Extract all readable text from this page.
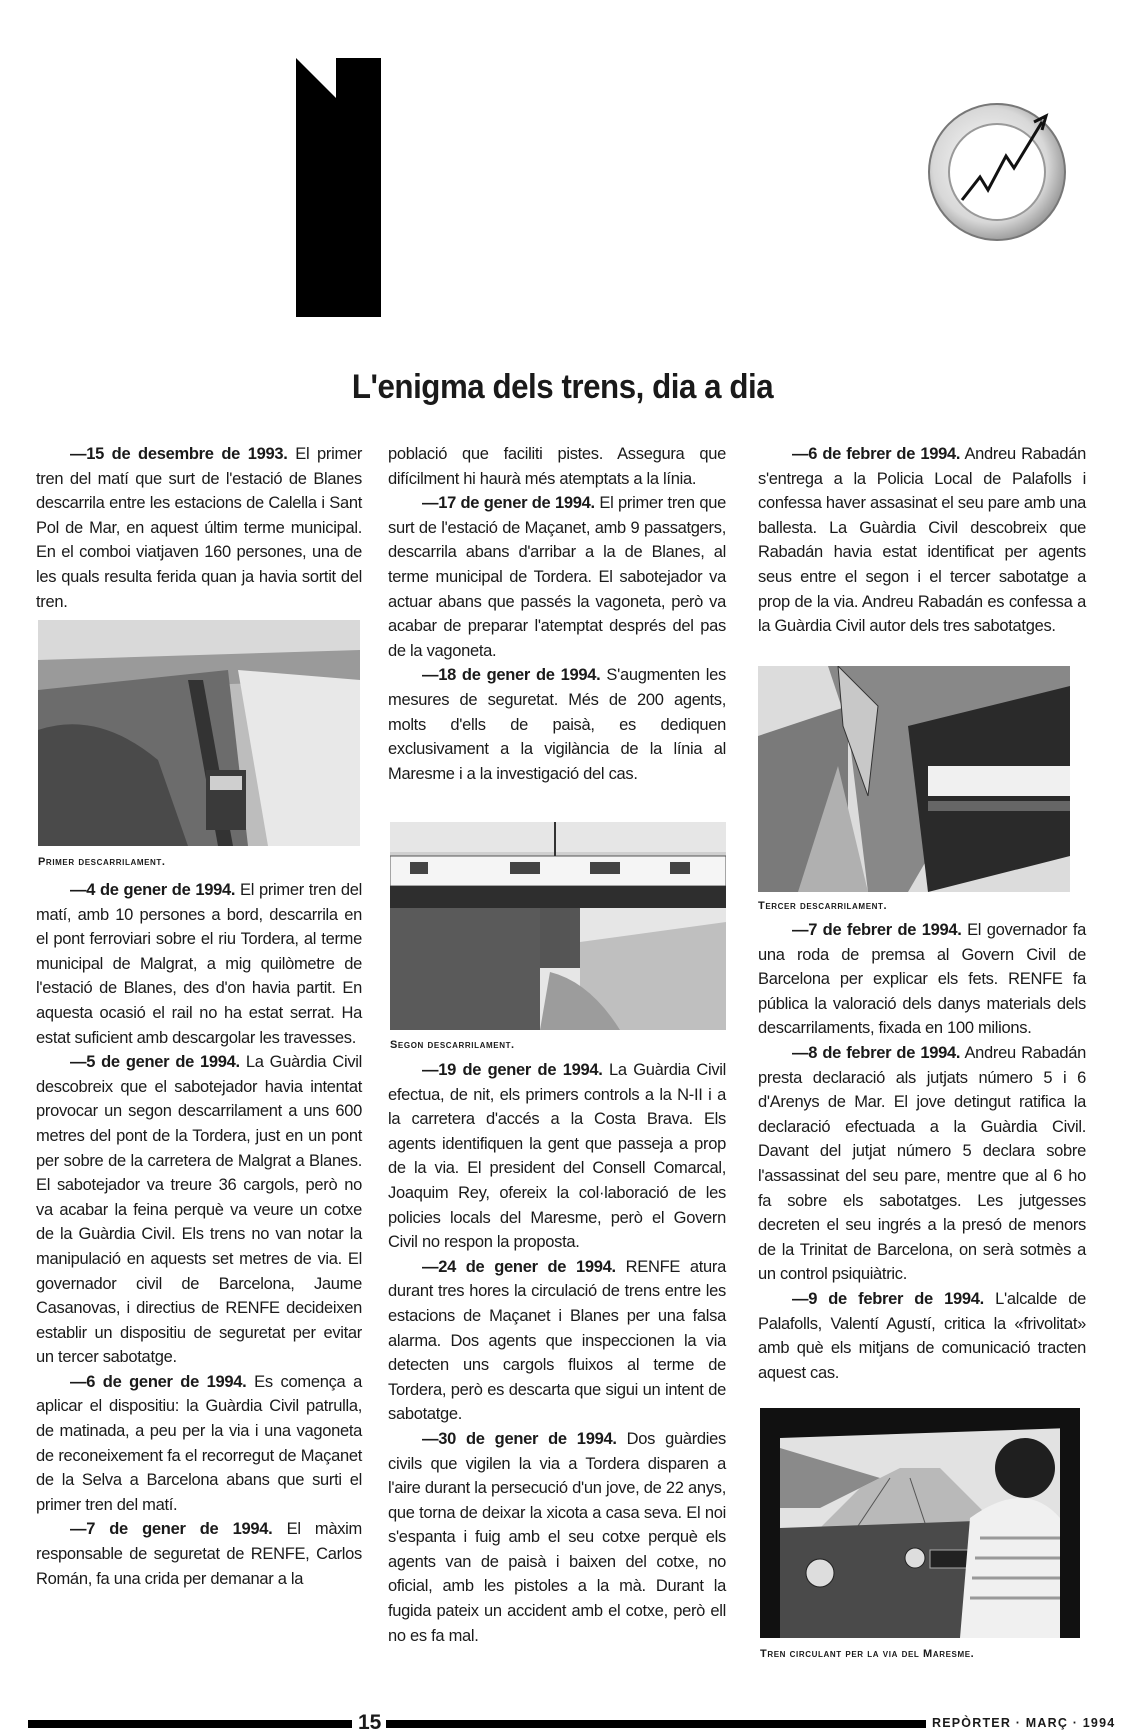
L'enigma dels trens, dia a dia

—15 de desembre de 1993. El primer tren del matí que surt de l'estació de Blanes descarrila entre les estacions de Calella i Sant Pol de Mar, en aquest últim terme municipal. En el comboi viatjaven 160 persones, una de les quals resulta ferida quan ja havia sortit del tren.

Primer descarrilament.

—4 de gener de 1994. El primer tren del matí, amb 10 persones a bord, descarrila en el pont ferroviari sobre el riu Tordera, al terme municipal de Malgrat, a mig quilòmetre de l'estació de Blanes, des d'on havia partit. En aquesta ocasió el rail no ha estat serrat. Ha estat suficient amb descargolar les travesses.

—5 de gener de 1994. La Guàrdia Civil descobreix que el sabotejador havia intentat provocar un segon descarrilament a uns 600 metres del pont de la Tordera, just en un pont per sobre de la carretera de Malgrat a Blanes. El sabotejador va treure 36 cargols, però no va acabar la feina perquè va veure un cotxe de la Guàrdia Civil. Els trens no van notar la manipulació en aquests set metres de via. El governador civil de Barcelona, Jaume Casanovas, i directius de RENFE decideixen establir un dispositiu de seguretat per evitar un tercer sabotatge.

—6 de gener de 1994. Es comença a aplicar el dispositiu: la Guàrdia Civil patrulla, de matinada, a peu per la via i una vagoneta de reconeixement fa el recorregut de Maçanet de la Selva a Barcelona abans que surti el primer tren del matí.

—7 de gener de 1994. El màxim responsable de seguretat de RENFE, Carlos Román, fa una crida per demanar a la

població que faciliti pistes. Assegura que difícilment hi haurà més atemptats a la línia.

—17 de gener de 1994. El primer tren que surt de l'estació de Maçanet, amb 9 passatgers, descarrila abans d'arribar a la de Blanes, al terme municipal de Tordera. El sabotejador va actuar abans que passés la vagoneta, però va acabar de preparar l'atemptat després del pas de la vagoneta.

—18 de gener de 1994. S'augmenten les mesures de seguretat. Més de 200 agents, molts d'ells de paisà, es dediquen exclusivament a la vigilància de la línia al Maresme i a la investigació del cas.

Segon descarrilament.

—19 de gener de 1994. La Guàrdia Civil efectua, de nit, els primers controls a la N-II i a la carretera d'accés a la Costa Brava. Els agents identifiquen la gent que passeja a prop de la via. El president del Consell Comarcal, Joaquim Rey, ofereix la col·laboració de les policies locals del Maresme, però el Govern Civil no respon la proposta.

—24 de gener de 1994. RENFE atura durant tres hores la circulació de trens entre les estacions de Maçanet i Blanes per una falsa alarma. Dos agents que inspeccionen la via detecten uns cargols fluixos al terme de Tordera, però es descarta que sigui un intent de sabotatge.

—30 de gener de 1994. Dos guàrdies civils que vigilen la via a Tordera disparen a l'aire durant la persecució d'un jove, de 22 anys, que torna de deixar la xicota a casa seva. El noi s'espanta i fuig amb el seu cotxe perquè els agents van de paisà i baixen del cotxe, no oficial, amb les pistoles a la mà. Durant la fugida pateix un accident amb el cotxe, però ell no es fa mal.

—6 de febrer de 1994. Andreu Rabadán s'entrega a la Policia Local de Palafolls i confessa haver assasinat el seu pare amb una ballesta. La Guàrdia Civil descobreix que Rabadán havia estat identificat per agents seus entre el segon i el tercer sabotatge a prop de la via. Andreu Rabadán es confessa a la Guàrdia Civil autor dels tres sabotatges.

Tercer descarrilament.

—7 de febrer de 1994. El governador fa una roda de premsa al Govern Civil de Barcelona per explicar els fets. RENFE fa pública la valoració dels danys materials dels descarrilaments, fixada en 100 milions.

—8 de febrer de 1994. Andreu Rabadán presta declaració als jutjats número 5 i 6 d'Arenys de Mar. El jove detingut ratifica la declaració efectuada a la Guàrdia Civil. Davant del jutjat número 5 declara sobre l'assassinat del seu pare, mentre que al 6 ho fa sobre els sabotatges. Les jutgesses decreten el seu ingrés a la presó de menors de la Trinitat de Barcelona, on serà sotmès a un control psiquiàtric.

—9 de febrer de 1994. L'alcalde de Palafolls, Valentí Agustí, critica la «frivolitat» amb què els mitjans de comunicació tracten aquest cas.

Tren circulant per la via del Maresme.
15	REPÒRTER · MARÇ · 1994
